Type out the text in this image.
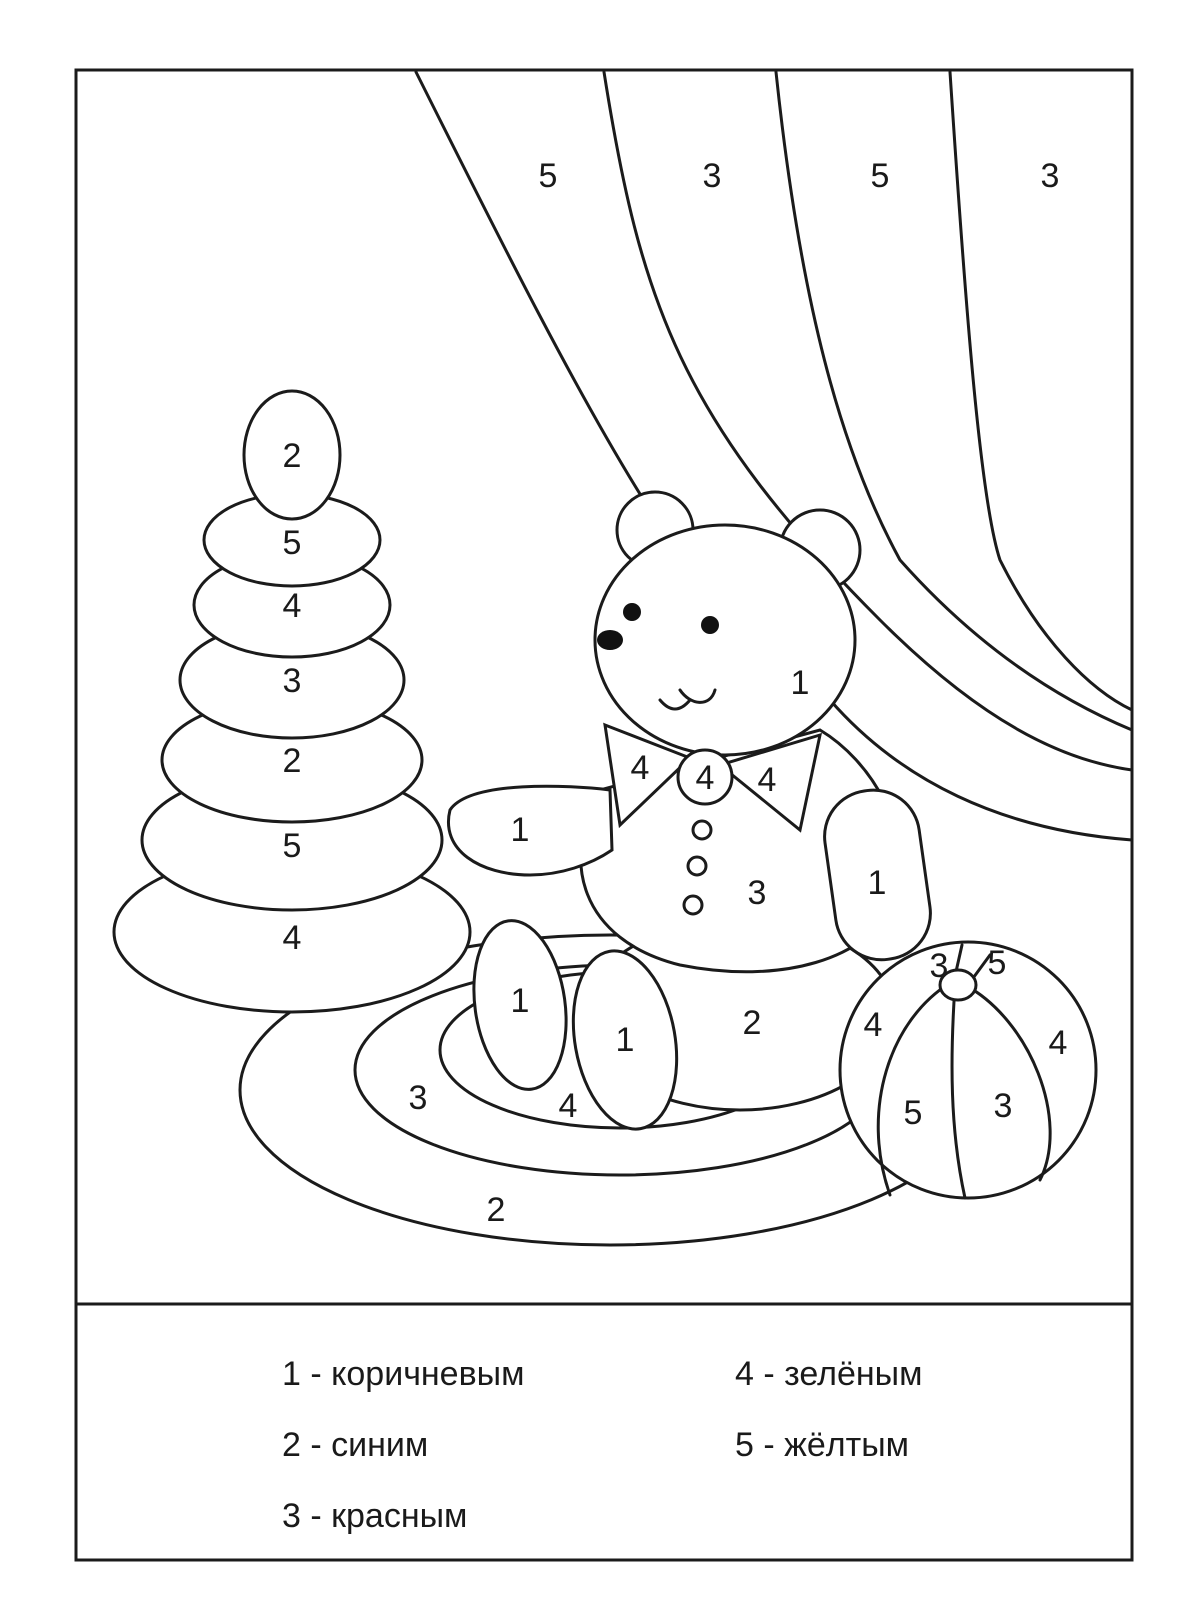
5	3	5	3
2
3	4
2
5
4
3
2
5
4
1
4 4 4
1
1
3
1
1	2
3 5
4	4
5 3
1 - коричневым
2 - синим
3 - красным
4 - зелёным
5 - жёлтым
